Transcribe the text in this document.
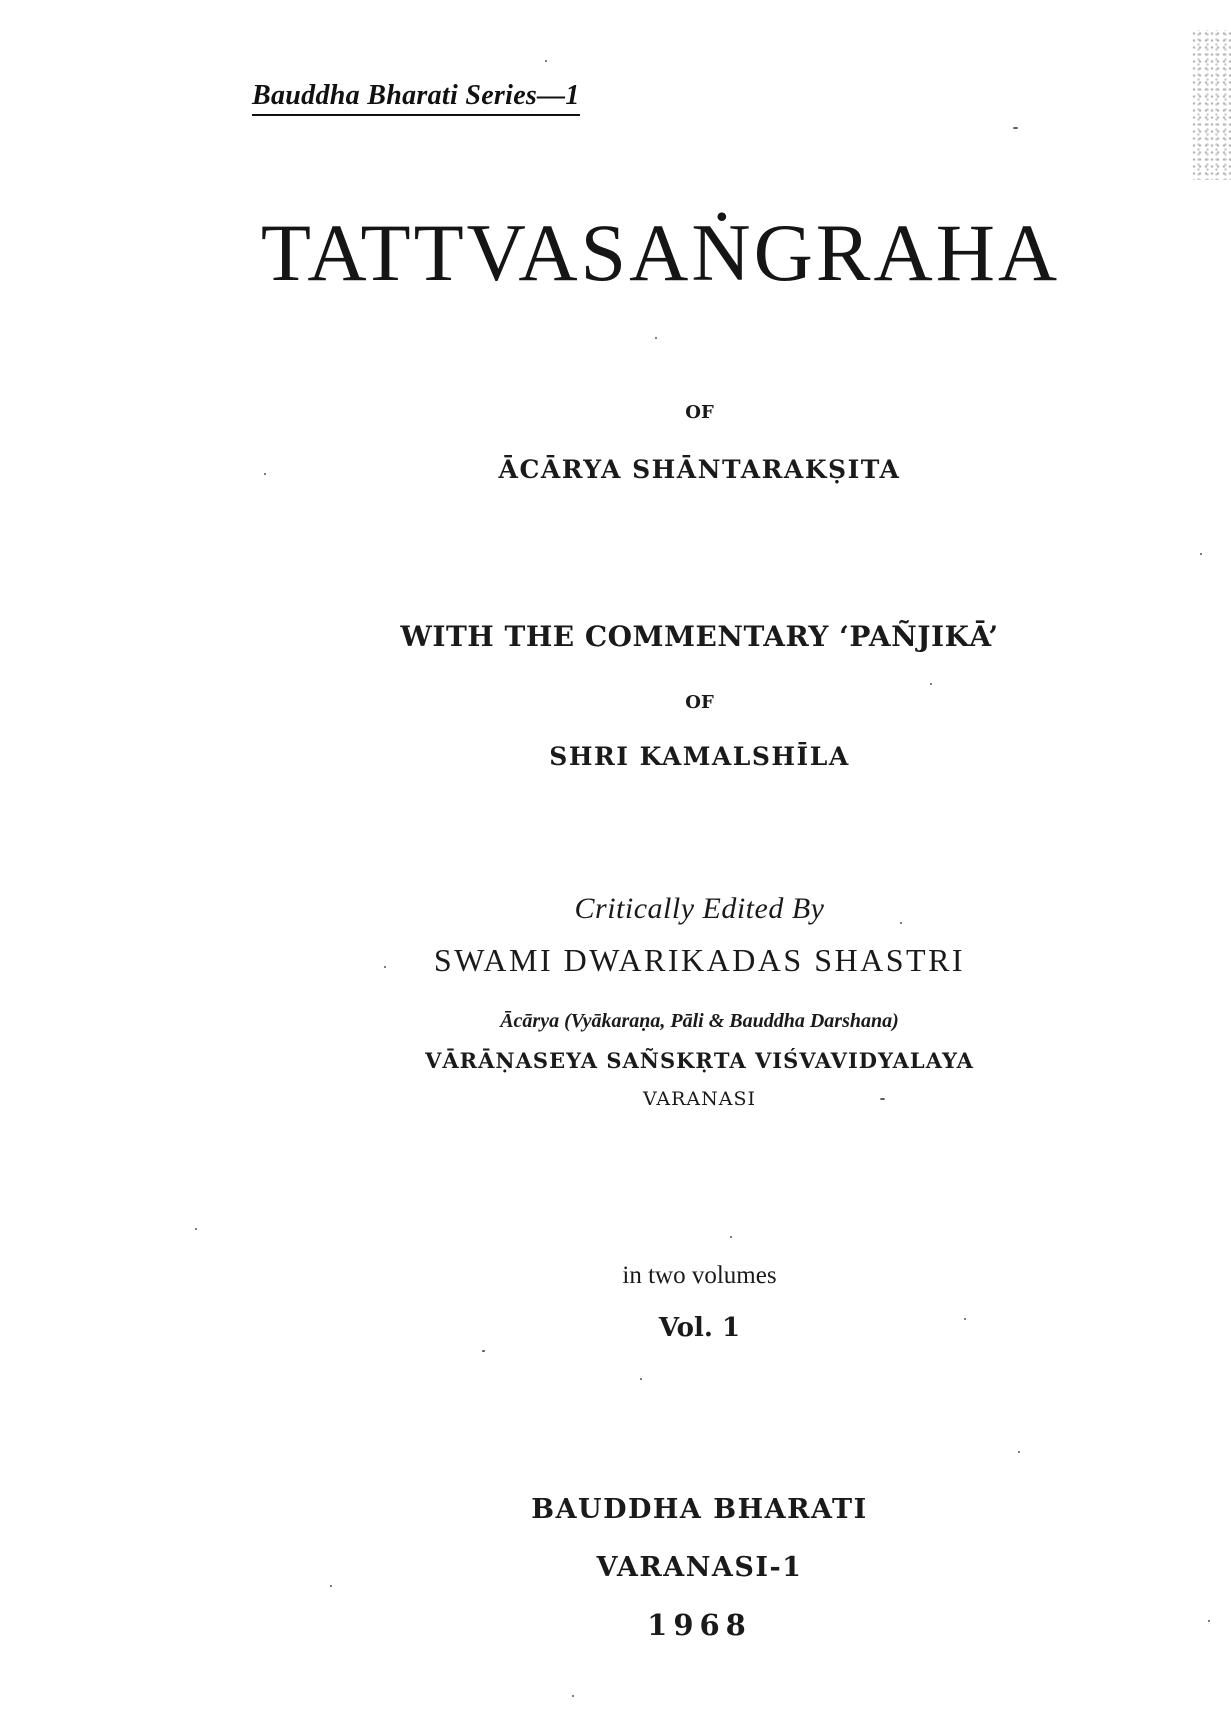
Bauddha Bharati Series—1
TATTVASAṄGRAHA
OF
ĀCĀRYA SHĀNTARAKṢITA
WITH THE COMMENTARY ‘PAÑJIKĀ’
OF
SHRI KAMALSHĪLA
Critically Edited By
SWAMI DWARIKADAS SHASTRI
Ācārya (Vyākaraṇa, Pāli & Bauddha Darshana)
VĀRĀṆASEYA SAÑSKṚTA VIŚVAVIDYALAYA
VARANASI
in two volumes
Vol. 1
BAUDDHA BHARATI
VARANASI-1
1968
